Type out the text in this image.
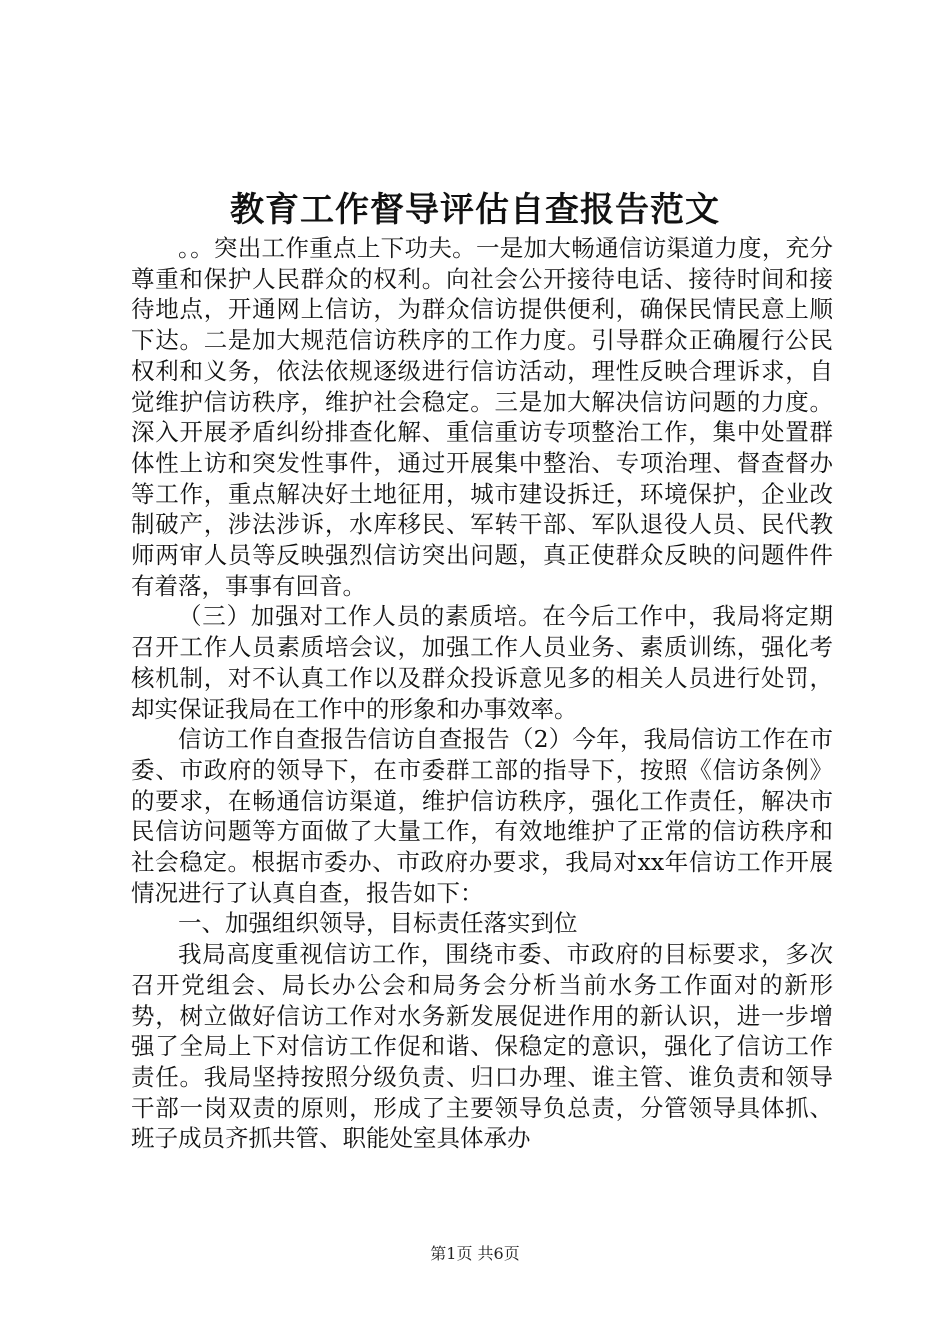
教育工作督导评估自查报告范文

。。突出工作重点上下功夫。一是加大畅通信访渠道力度，充分尊重和保护人民群众的权利。向社会公开接待电话、接待时间和接待地点，开通网上信访，为群众信访提供便利，确保民情民意上顺下达。二是加大规范信访秩序的工作力度。引导群众正确履行公民权利和义务，依法依规逐级进行信访活动，理性反映合理诉求，自觉维护信访秩序，维护社会稳定。三是加大解决信访问题的力度。深入开展矛盾纠纷排查化解、重信重访专项整治工作，集中处置群体性上访和突发性事件，通过开展集中整治、专项治理、督查督办等工作，重点解决好土地征用，城市建设拆迁，环境保护，企业改制破产，涉法涉诉，水库移民、军转干部、军队退役人员、民代教师两审人员等反映强烈信访突出问题，真正使群众反映的问题件件有着落，事事有回音。

（三）加强对工作人员的素质培。在今后工作中，我局将定期召开工作人员素质培会议，加强工作人员业务、素质训练，强化考核机制，对不认真工作以及群众投诉意见多的相关人员进行处罚，却实保证我局在工作中的形象和办事效率。

信访工作自查报告信访自查报告（2）今年，我局信访工作在市委、市政府的领导下，在市委群工部的指导下，按照《信访条例》的要求，在畅通信访渠道，维护信访秩序，强化工作责任，解决市民信访问题等方面做了大量工作，有效地维护了正常的信访秩序和社会稳定。根据市委办、市政府办要求，我局对xx年信访工作开展情况进行了认真自查，报告如下：

一、加强组织领导，目标责任落实到位

我局高度重视信访工作，围绕市委、市政府的目标要求，多次召开党组会、局长办公会和局务会分析当前水务工作面对的新形势，树立做好信访工作对水务新发展促进作用的新认识，进一步增强了全局上下对信访工作促和谐、保稳定的意识，强化了信访工作责任。我局坚持按照分级负责、归口办理、谁主管、谁负责和领导干部一岗双责的原则，形成了主要领导负总责，分管领导具体抓、班子成员齐抓共管、职能处室具体承办

第1页 共6页
